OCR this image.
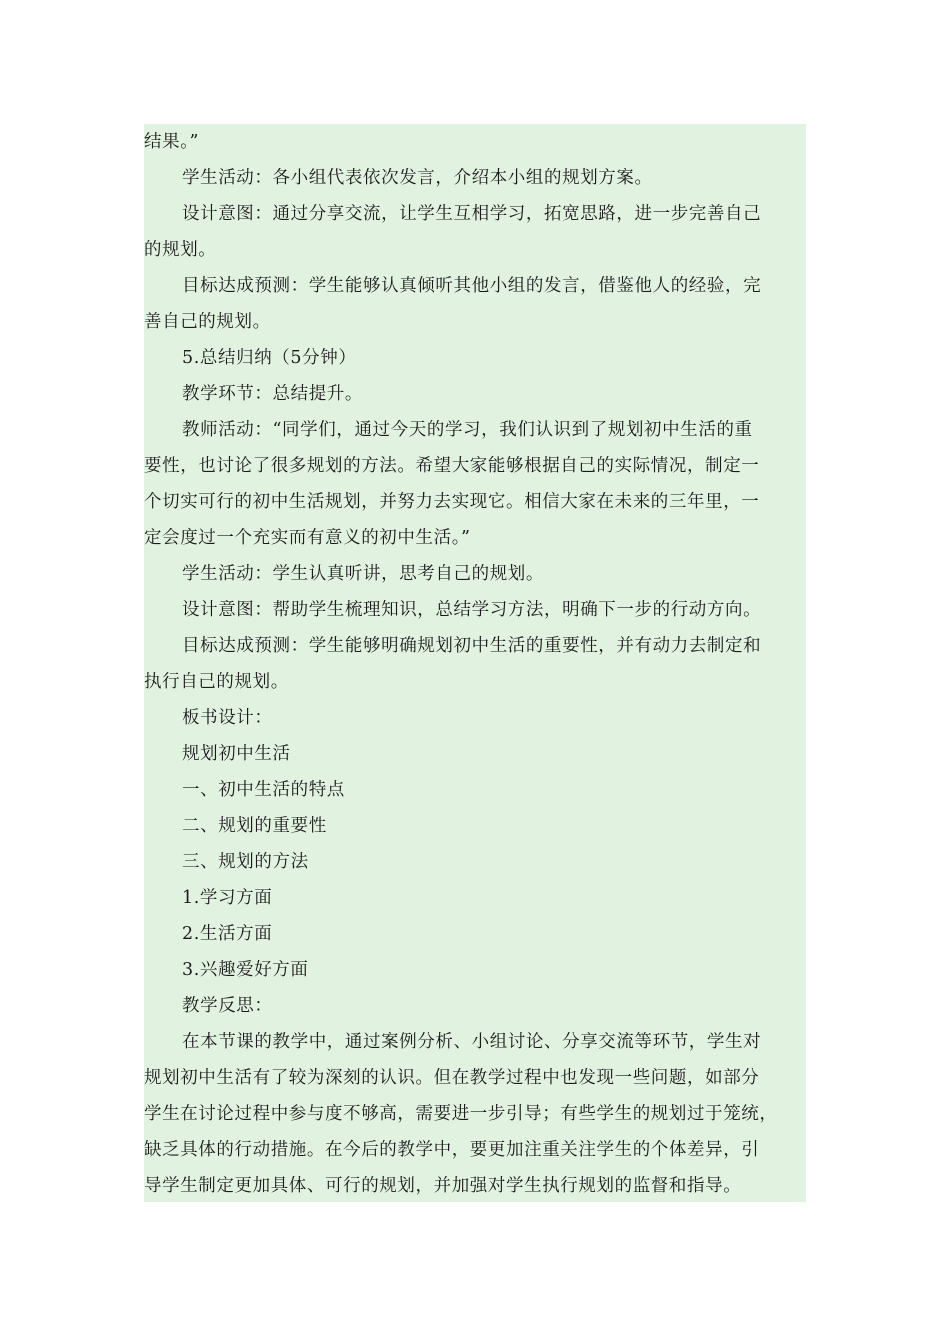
结果。”
学生活动：各小组代表依次发言，介绍本小组的规划方案。
设计意图：通过分享交流，让学生互相学习，拓宽思路，进一步完善自己
的规划。
目标达成预测：学生能够认真倾听其他小组的发言，借鉴他人的经验，完
善自己的规划。
5.总结归纳（5分钟）
教学环节：总结提升。
教师活动：“同学们，通过今天的学习，我们认识到了规划初中生活的重
要性，也讨论了很多规划的方法。希望大家能够根据自己的实际情况，制定一
个切实可行的初中生活规划，并努力去实现它。相信大家在未来的三年里，一
定会度过一个充实而有意义的初中生活。”
学生活动：学生认真听讲，思考自己的规划。
设计意图：帮助学生梳理知识，总结学习方法，明确下一步的行动方向。
目标达成预测：学生能够明确规划初中生活的重要性，并有动力去制定和
执行自己的规划。
板书设计：
规划初中生活
一、初中生活的特点
二、规划的重要性
三、规划的方法
1.学习方面
2.生活方面
3.兴趣爱好方面
教学反思：
在本节课的教学中，通过案例分析、小组讨论、分享交流等环节，学生对
规划初中生活有了较为深刻的认识。但在教学过程中也发现一些问题，如部分
学生在讨论过程中参与度不够高，需要进一步引导；有些学生的规划过于笼统，
缺乏具体的行动措施。在今后的教学中，要更加注重关注学生的个体差异，引
导学生制定更加具体、可行的规划，并加强对学生执行规划的监督和指导。
